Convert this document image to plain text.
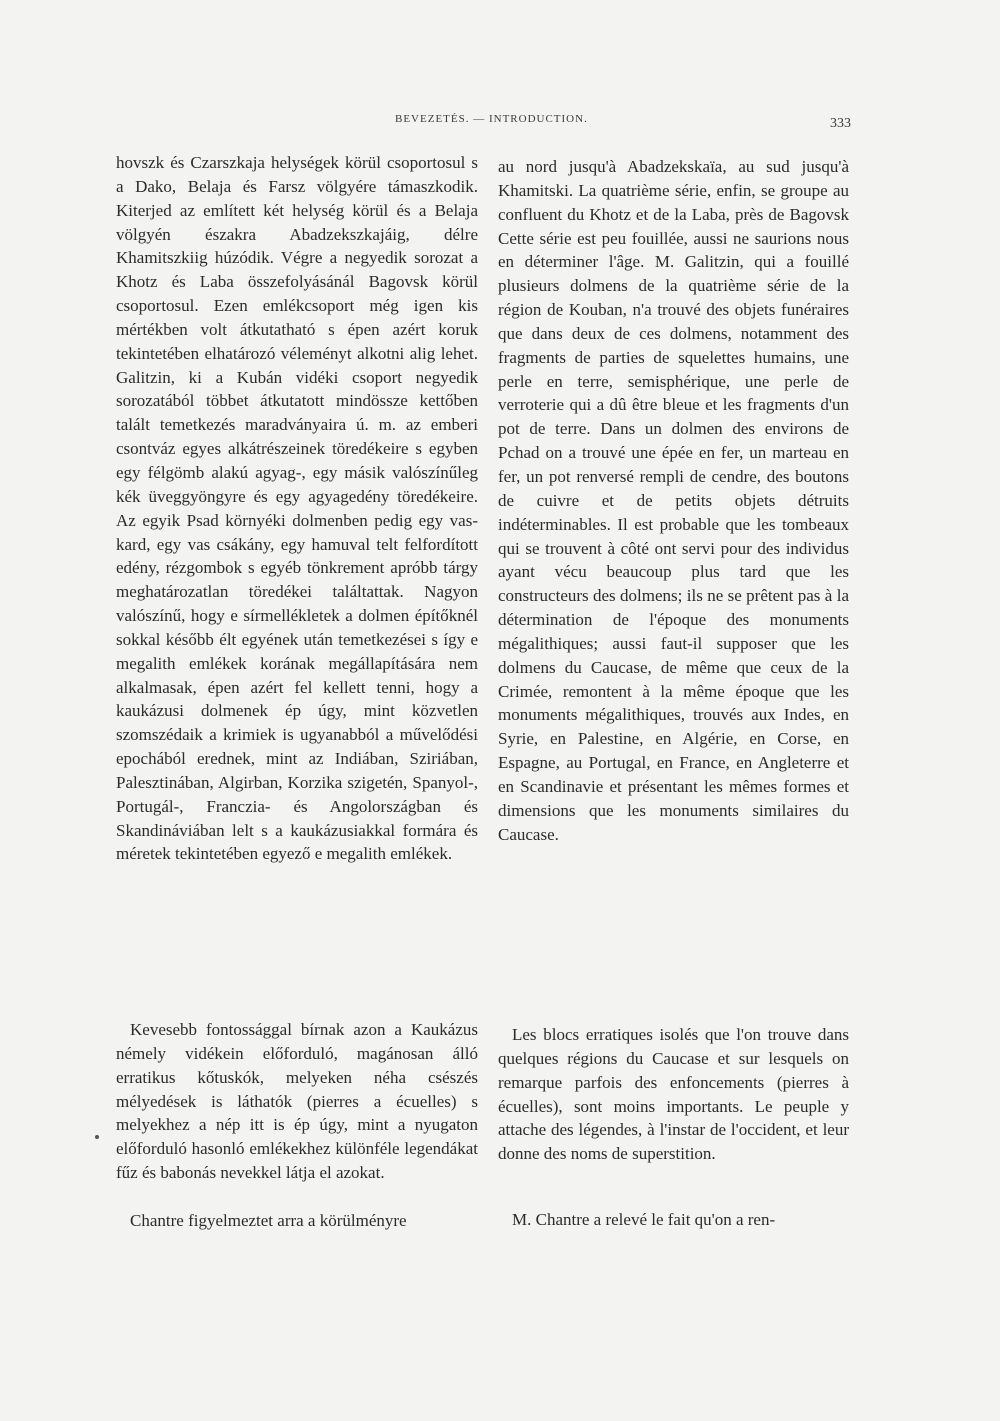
BEVEZETÉS. — INTRODUCTION.	333

hovszk és Czarszkaja helységek körül csoportosul s a Dako, Belaja és Farsz völgyére támaszkodik. Kiterjed az említett két helység körül és a Belaja völgyén északra Abadzekszkajáig, délre Khamitszkiig húzódik. Végre a negyedik sorozat a Khotz és Laba összefolyásánál Bagovsk körül csoportosul. Ezen emlékcsoport még igen kis mértékben volt átkutatható s épen azért koruk tekintetében elhatározó véleményt alkotni alig lehet. Galitzin, ki a Kubán vidéki csoport negyedik sorozatából többet átkutatott mindössze kettőben talált temetkezés maradványaira ú. m. az emberi csontváz egyes alkátrészeinek töredékeire s egyben egy félgömb alakú agyag-, egy másik valószínűleg kék üveggyöngyre és egy agyagedény töredékeire. Az egyik Psad környéki dolmenben pedig egy vas-kard, egy vas csákány, egy hamuval telt felfordított edény, rézgombok s egyéb tönkrement apróbb tárgy meghatározatlan töredékei találtattak. Nagyon valószínű, hogy e sírmellékletek a dolmen építőknél sokkal később élt egyének után temetkezései s így e megalith emlékek korának megállapítására nem alkalmasak, épen azért fel kellett tenni, hogy a kaukázusi dolmenek ép úgy, mint közvetlen szomszédaik a krimiek is ugyanabból a művelődési epochából erednek, mint az Indiában, Sziriában, Palesztinában, Algirban, Korzika szigetén, Spanyol-, Portugál-, Franczia- és Angolországban és Skandináviában lelt s a kaukázusiakkal formára és méretek tekintetében egyező e megalith emlékek.

Kevesebb fontossággal bírnak azon a Kaukázus némely vidékein előforduló, magánosan álló erratikus kőtuskók, melyeken néha csészés mélyedések is láthatók (pierres a écuelles) s melyekhez a nép itt is ép úgy, mint a nyugaton előforduló hasonló emlékekhez különféle legendákat fűz és babonás nevekkel látja el azokat.

Chantre figyelmeztet arra a körülményre

au nord jusqu'à Abadzekskaïa, au sud jusqu'à Khamitski. La quatrième série, enfin, se groupe au confluent du Khotz et de la Laba, près de Bagovsk Cette série est peu fouillée, aussi ne saurions nous en déterminer l'âge. M. Galitzin, qui a fouillé plusieurs dolmens de la quatrième série de la région de Kouban, n'a trouvé des objets funéraires que dans deux de ces dolmens, notamment des fragments de parties de squelettes humains, une perle en terre, semisphérique, une perle de verroterie qui a dû être bleue et les fragments d'un pot de terre. Dans un dolmen des environs de Pchad on a trouvé une épée en fer, un marteau en fer, un pot renversé rempli de cendre, des boutons de cuivre et de petits objets détruits indéterminables. Il est probable que les tombeaux qui se trouvent à côté ont servi pour des individus ayant vécu beaucoup plus tard que les constructeurs des dolmens; ils ne se prêtent pas à la détermination de l'époque des monuments mégalithiques; aussi faut-il supposer que les dolmens du Caucase, de même que ceux de la Crimée, remontent à la même époque que les monuments mégalithiques, trouvés aux Indes, en Syrie, en Palestine, en Algérie, en Corse, en Espagne, au Portugal, en France, en Angleterre et en Scandinavie et présentant les mêmes formes et dimensions que les monuments similaires du Caucase.

Les blocs erratiques isolés que l'on trouve dans quelques régions du Caucase et sur lesquels on remarque parfois des enfoncements (pierres à écuelles), sont moins importants. Le peuple y attache des légendes, à l'instar de l'occident, et leur donne des noms de superstition.

M. Chantre a relevé le fait qu'on a ren-
